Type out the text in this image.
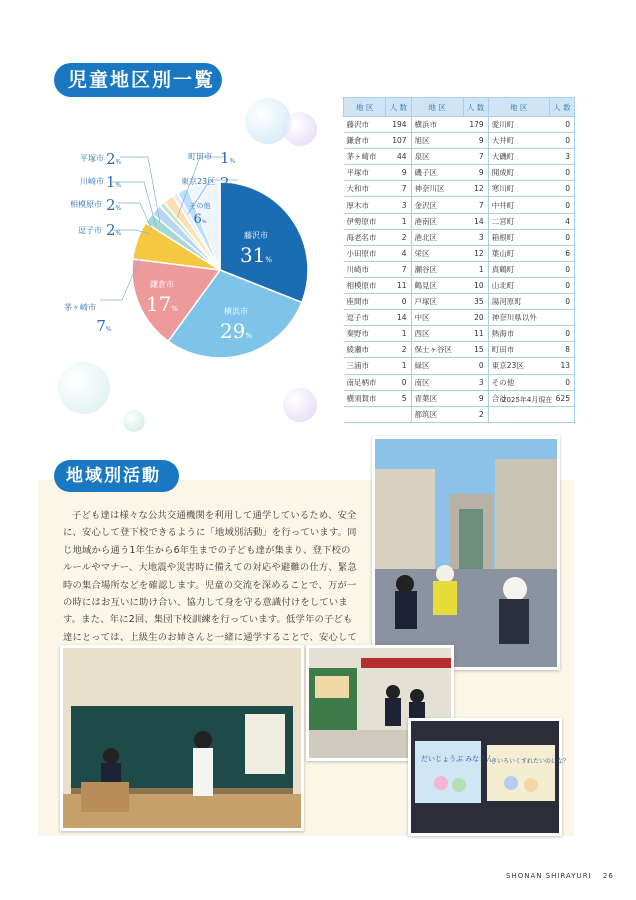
児童地区別一覧
藤沢市
31%
横浜市
29%
鎌倉市
17%
茅ヶ崎市
7%
逗子市 2%
相模原市 2%
川崎市 1%
平塚市 2%
町田市 1%
東京23区 2%
その他
6%
地 区	人 数	地 区	人 数	地 区	人 数
藤沢市	194	横浜市	179	愛川町	0
鎌倉市	107	旭区	9	大井町	0
茅ヶ崎市	44	泉区	7	大磯町	3
平塚市	9	磯子区	9	開成町	0
大和市	7	神奈川区	12	寒川町	0
厚木市	3	金沢区	7	中井町	0
伊勢原市	1	港南区	14	二宮町	4
海老名市	2	港北区	3	箱根町	0
小田原市	4	栄区	12	葉山町	6
川崎市	7	瀬谷区	1	真鶴町	0
相模原市	11	鶴見区	10	山北町	0
座間市	0	戸塚区	35	湯河原町	0
逗子市	14	中区	20	神奈川県以外	
秦野市	1	西区	11	熱海市	0
綾瀬市	2	保土ヶ谷区	15	町田市	8
三浦市	1	緑区	0	東京23区	13
南足柄市	0	南区	3	その他	0
横須賀市	5	青葉区	9	合計	625
		都筑区	2		
2025年4月現在
地域別活動

子ども達は様々な公共交通機関を利用して通学しているため、安全に、安心して登下校できるように「地域別活動」を行っています。同じ地域から通う1年生から6年生までの子ども達が集まり、登下校のルールやマナー、大地震や災害時に備えての対応や避難の仕方、緊急時の集合場所などを確認します。児童の交流を深めることで、万が一の時にはお互いに助け合い、協力して身を守る意識付けをしています。また、年に2回、集団下校訓練を行っています。低学年の子ども達にとっては、上級生のお姉さんと一緒に通学することで、安心して

だいじょうぶ みなさん
きいろいくすれたいのにな？
SHONAN SHIRAYURI 26
